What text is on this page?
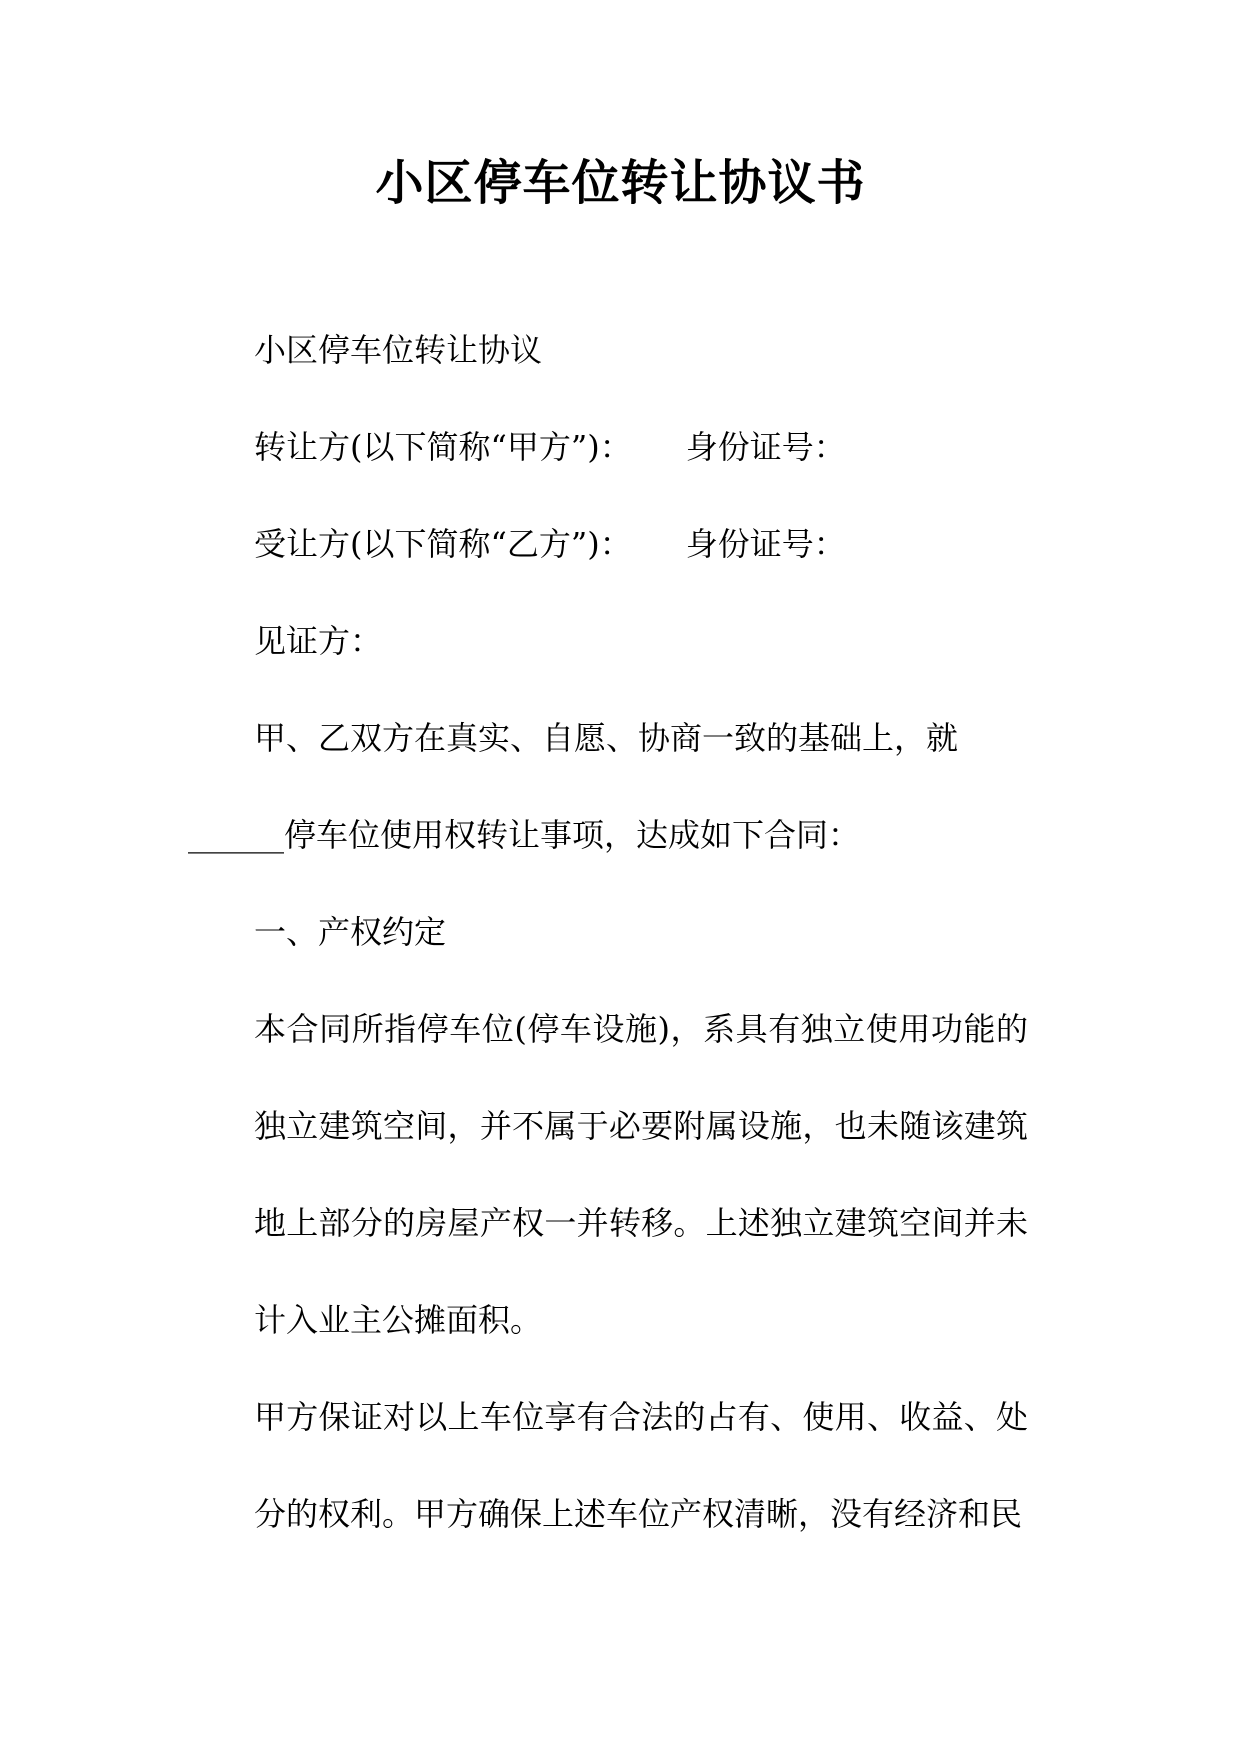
小区停车位转让协议书

小区停车位转让协议

转让方(以下简称“甲方”)： 身份证号：

受让方(以下简称“乙方”)： 身份证号：

见证方：

甲、乙双方在真实、自愿、协商一致的基础上，就

______停车位使用权转让事项，达成如下合同：

一、产权约定

本合同所指停车位(停车设施)，系具有独立使用功能的独立建筑空间，并不属于必要附属设施，也未随该建筑地上部分的房屋产权一并转移。上述独立建筑空间并未计入业主公摊面积。

甲方保证对以上车位享有合法的占有、使用、收益、处分的权利。甲方确保上述车位产权清晰，没有经济和民
